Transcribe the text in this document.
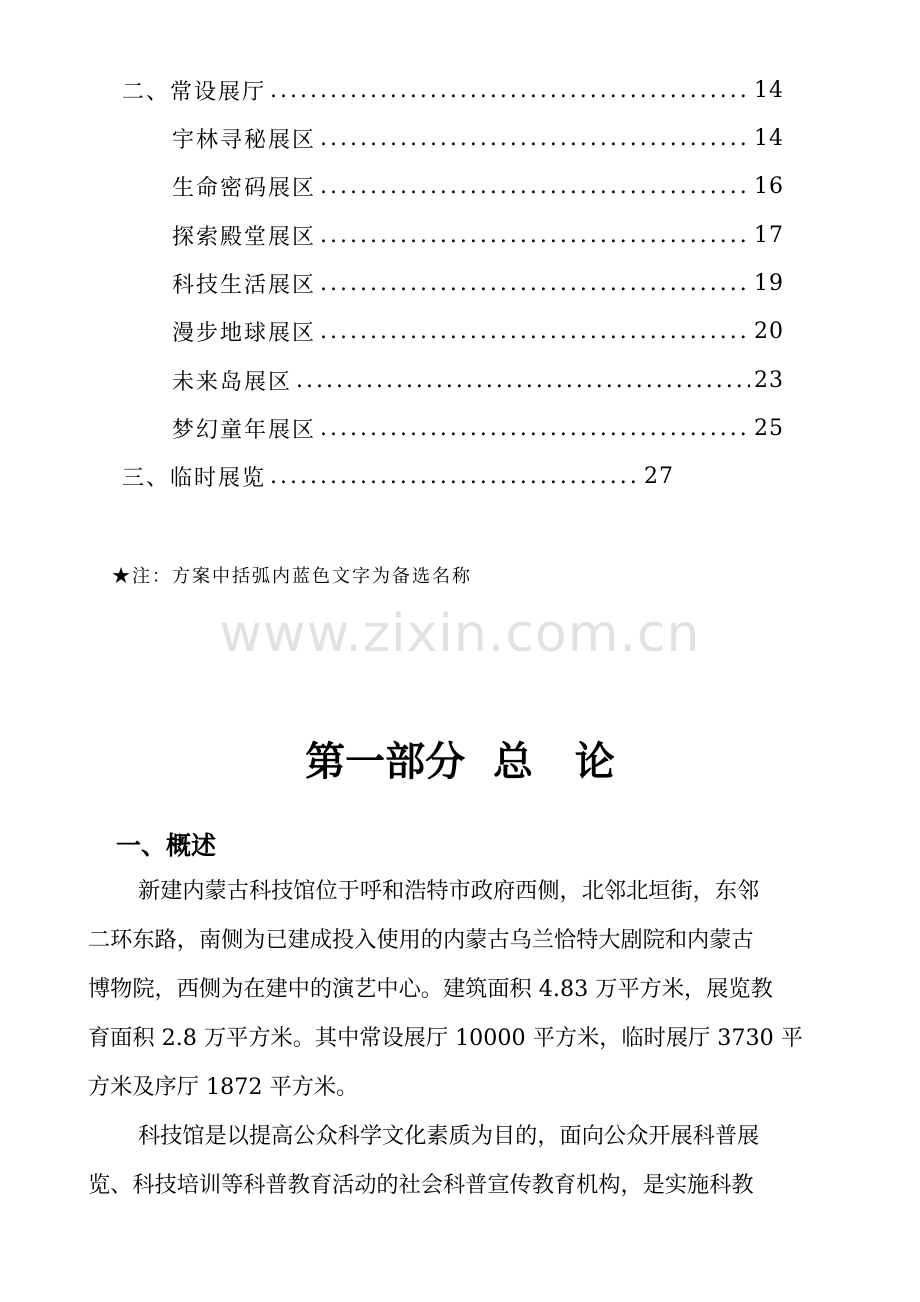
二、常设展厅 .....	14
宇林寻秘展区 .....	14
生命密码展区 .....	16
探索殿堂展区 .....	17
科技生活展区 .....	19
漫步地球展区 .....	20
未来岛展区 .....	23
梦幻童年展区 .....	25
三、临时展览 .....	27
★注：方案中括弧内蓝色文字为备选名称
www.zixin.com.cn
第一部分  总   论
一、概述
新建内蒙古科技馆位于呼和浩特市政府西侧，北邻北垣街，东邻
二环东路，南侧为已建成投入使用的内蒙古乌兰恰特大剧院和内蒙古
博物院，西侧为在建中的演艺中心。建筑面积 4.83 万平方米，展览教
育面积 2.8 万平方米。其中常设展厅 10000 平方米，临时展厅 3730 平
方米及序厅 1872 平方米。
科技馆是以提高公众科学文化素质为目的，面向公众开展科普展
览、科技培训等科普教育活动的社会科普宣传教育机构，是实施科教
